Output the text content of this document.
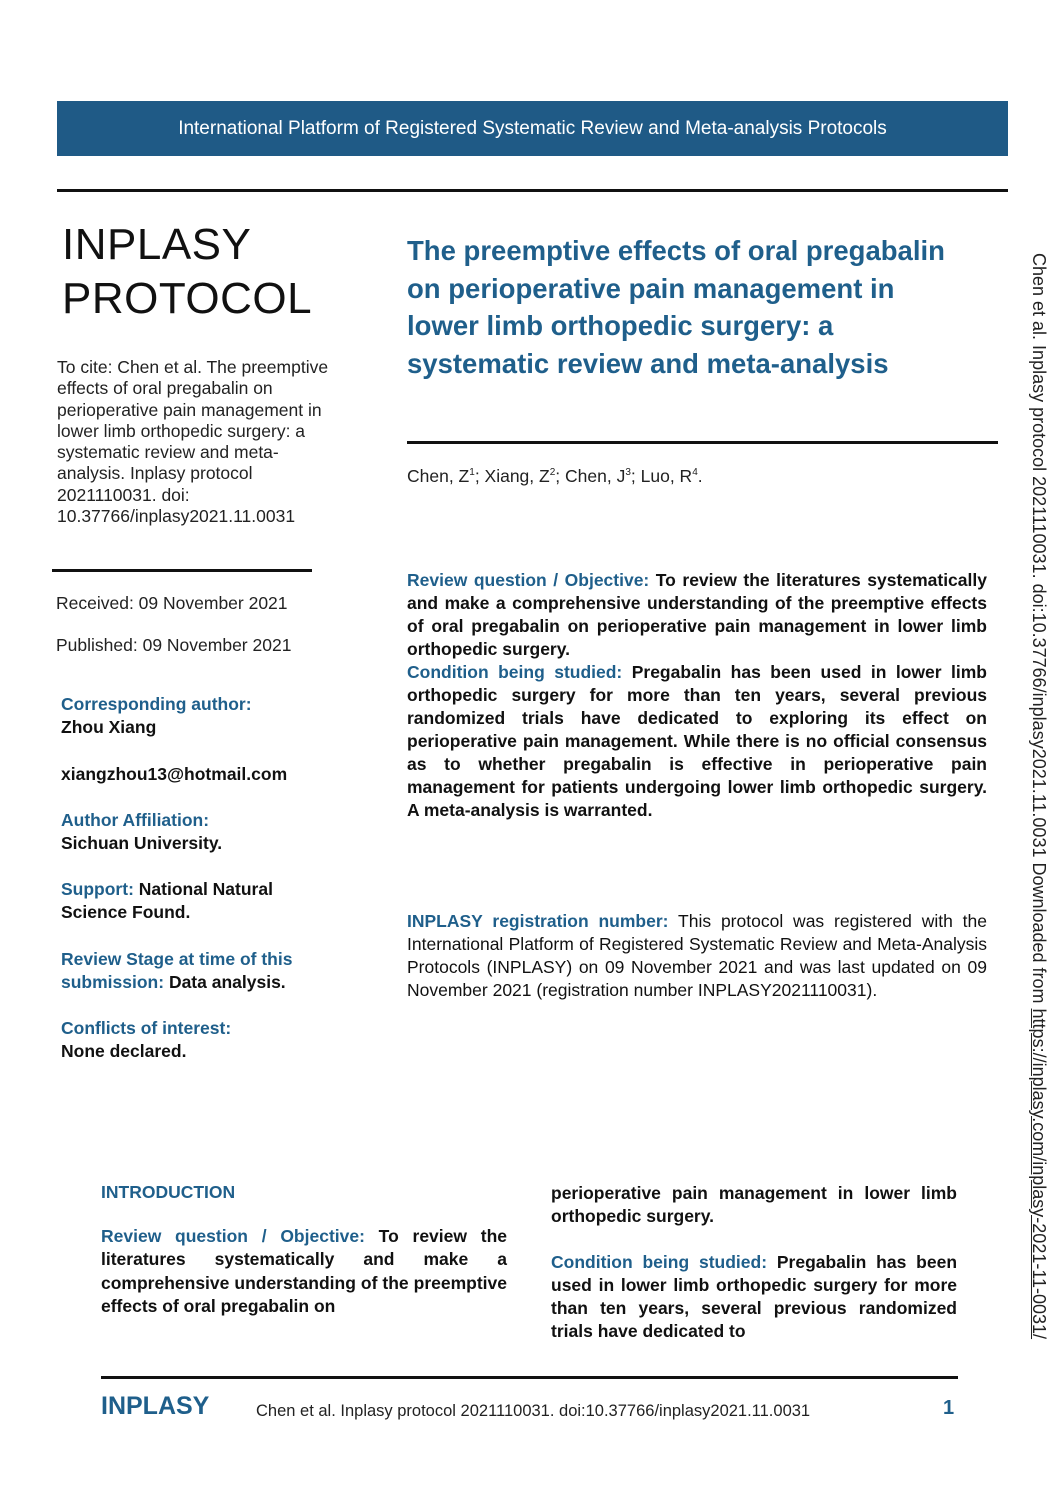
International Platform of Registered Systematic Review and Meta-analysis Protocols
INPLASY
PROTOCOL
To cite: Chen et al. The preemptive effects of oral pregabalin on perioperative pain management in lower limb orthopedic surgery: a systematic review and meta-analysis. Inplasy protocol 2021110031. doi: 10.37766/inplasy2021.11.0031
Received: 09 November 2021
Published: 09 November 2021
Corresponding author:
Zhou Xiang
xiangzhou13@hotmail.com
Author Affiliation:
Sichuan University.
Support: National Natural Science Found.
Review Stage at time of this submission: Data analysis.
Conflicts of interest:
None declared.
The preemptive effects of oral pregabalin on perioperative pain management in lower limb orthopedic surgery: a systematic review and meta-analysis
Chen, $Z^1$; Xiang, $Z^2$; Chen, $J^3$; Luo, $R^4$.
Review question / Objective: To review the literatures systematically and make a comprehensive understanding of the preemptive effects of oral pregabalin on perioperative pain management in lower limb orthopedic surgery.
Condition being studied: Pregabalin has been used in lower limb orthopedic surgery for more than ten years, several previous randomized trials have dedicated to exploring its effect on perioperative pain management. While there is no official consensus as to whether pregabalin is effective in perioperative pain management for patients undergoing lower limb orthopedic surgery. A meta-analysis is warranted.
INPLASY registration number: This protocol was registered with the International Platform of Registered Systematic Review and Meta-Analysis Protocols (INPLASY) on 09 November 2021 and was last updated on 09 November 2021 (registration number INPLASY2021110031).
INTRODUCTION
Review question / Objective: To review the literatures systematically and make a comprehensive understanding of the preemptive effects of oral pregabalin on
perioperative pain management in lower limb orthopedic surgery.
Condition being studied: Pregabalin has been used in lower limb orthopedic surgery for more than ten years, several previous randomized trials have dedicated to
INPLASY	Chen et al. Inplasy protocol 2021110031. doi:10.37766/inplasy2021.11.0031	1
Chen et al. Inplasy protocol 2021110031. doi:10.37766/inplasy2021.11.0031 Downloaded from https://inplasy.com/inplasy-2021-11-0031/
